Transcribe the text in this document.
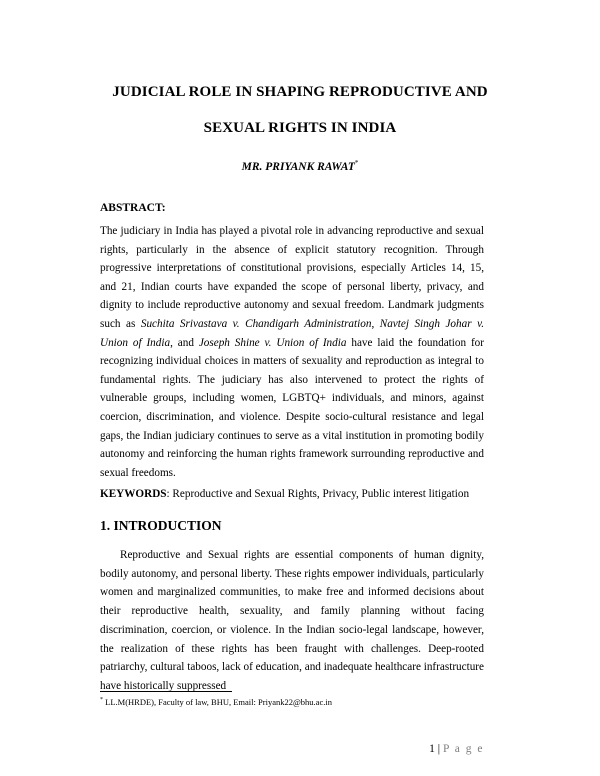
JUDICIAL ROLE IN SHAPING REPRODUCTIVE AND
SEXUAL RIGHTS IN INDIA
MR. PRIYANK RAWAT*
ABSTRACT:
The judiciary in India has played a pivotal role in advancing reproductive and sexual rights, particularly in the absence of explicit statutory recognition. Through progressive interpretations of constitutional provisions, especially Articles 14, 15, and 21, Indian courts have expanded the scope of personal liberty, privacy, and dignity to include reproductive autonomy and sexual freedom. Landmark judgments such as Suchita Srivastava v. Chandigarh Administration, Navtej Singh Johar v. Union of India, and Joseph Shine v. Union of India have laid the foundation for recognizing individual choices in matters of sexuality and reproduction as integral to fundamental rights. The judiciary has also intervened to protect the rights of vulnerable groups, including women, LGBTQ+ individuals, and minors, against coercion, discrimination, and violence. Despite socio-cultural resistance and legal gaps, the Indian judiciary continues to serve as a vital institution in promoting bodily autonomy and reinforcing the human rights framework surrounding reproductive and sexual freedoms.
KEYWORDS: Reproductive and Sexual Rights, Privacy, Public interest litigation
1. INTRODUCTION
Reproductive and Sexual rights are essential components of human dignity, bodily autonomy, and personal liberty. These rights empower individuals, particularly women and marginalized communities, to make free and informed decisions about their reproductive health, sexuality, and family planning without facing discrimination, coercion, or violence. In the Indian socio-legal landscape, however, the realization of these rights has been fraught with challenges. Deep-rooted patriarchy, cultural taboos, lack of education, and inadequate healthcare infrastructure have historically suppressed
* LL.M(HRDE), Faculty of law, BHU, Email: Priyank22@bhu.ac.in
1 | P a g e
